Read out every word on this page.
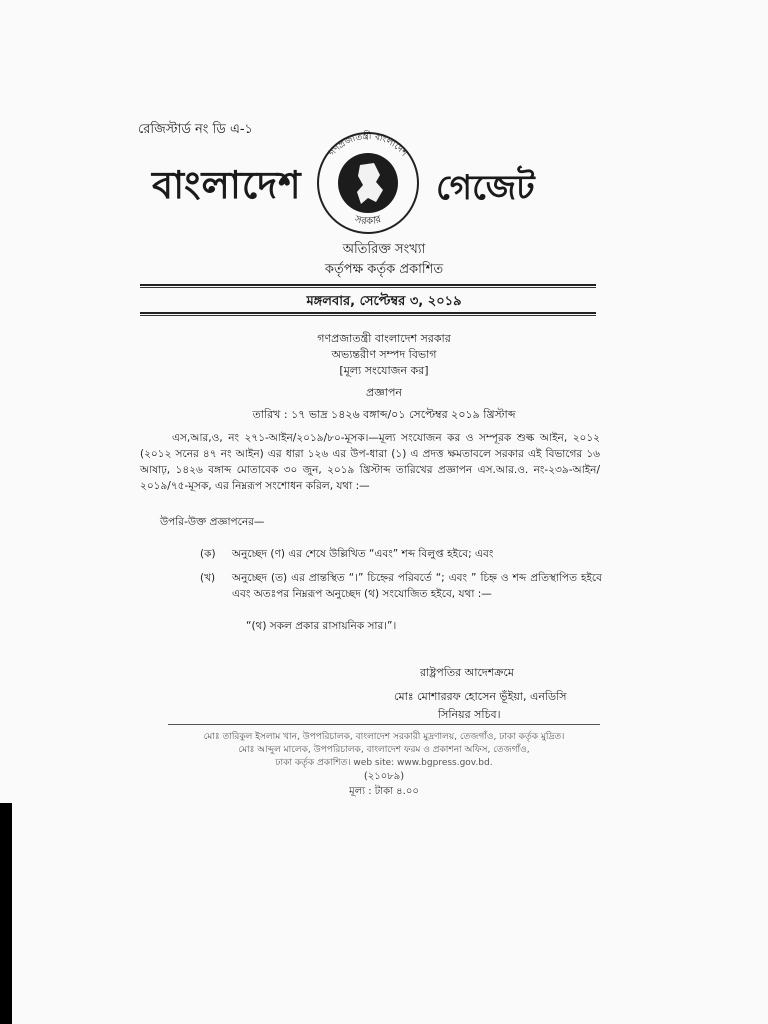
রেজিস্টার্ড নং ডি এ-১
বাংলাদেশ
গণপ্রজাতন্ত্রী বাংলাদেশ
সরকার
গেজেট
অতিরিক্ত সংখ্যা
কর্তৃপক্ষ কর্তৃক প্রকাশিত
মঙ্গলবার, সেপ্টেম্বর ৩, ২০১৯
গণপ্রজাতন্ত্রী বাংলাদেশ সরকার
অভ্যন্তরীণ সম্পদ বিভাগ
[মূল্য সংযোজন কর]
প্রজ্ঞাপন
তারিখ : ১৭ ভাদ্র ১৪২৬ বঙ্গাব্দ/০১ সেপ্টেম্বর ২০১৯ খ্রিস্টাব্দ
এস,আর,ও, নং ২৭১-আইন/২০১৯/৮০-মূসক।—মূল্য সংযোজন কর ও সম্পূরক শুল্ক আইন, ২০১২ (২০১২ সনের ৪৭ নং আইন) এর ধারা ১২৬ এর উপ-ধারা (১) এ প্রদত্ত ক্ষমতাবলে সরকার এই বিভাগের ১৬ আষাঢ়, ১৪২৬ বঙ্গাব্দ মোতাবেক ৩০ জুন, ২০১৯ খ্রিস্টাব্দ তারিখের প্রজ্ঞাপন এস.আর.ও. নং-২৩৯-আইন/২০১৯/৭৫-মূসক, এর নিম্নরূপ সংশোধন করিল, যথা :—
উপরি-উক্ত প্রজ্ঞাপনের—
(ক) অনুচ্ছেদ (ণ) এর শেষে উল্লিখিত “এবং” শব্দ বিলুপ্ত হইবে; এবং
(খ) অনুচ্ছেদ (ত) এর প্রান্তস্থিত “।” চিহ্নের পরিবর্তে “; এবং ” চিহ্ন ও শব্দ প্রতিস্থাপিত হইবে এবং অতঃপর নিম্নরূপ অনুচ্ছেদ (থ) সংযোজিত হইবে, যথা :—
“(থ) সকল প্রকার রাসায়নিক সার।”।
রাষ্ট্রপতির আদেশক্রমে
মোঃ মোশাররফ হোসেন ভূঁইয়া, এনডিসি
সিনিয়র সচিব।
মোঃ তারিকুল ইসলাম খান, উপপরিচালক, বাংলাদেশ সরকারী মুদ্রণালয়, তেজগাঁও, ঢাকা কর্তৃক মুদ্রিত।
মোঃ আব্দুল মালেক, উপপরিচালক, বাংলাদেশ ফরম ও প্রকাশনা অফিস, তেজগাঁও,
ঢাকা কর্তৃক প্রকাশিত। web site: www.bgpress.gov.bd.
(২১০৮৯)
মূল্য : টাকা ৪.০০
